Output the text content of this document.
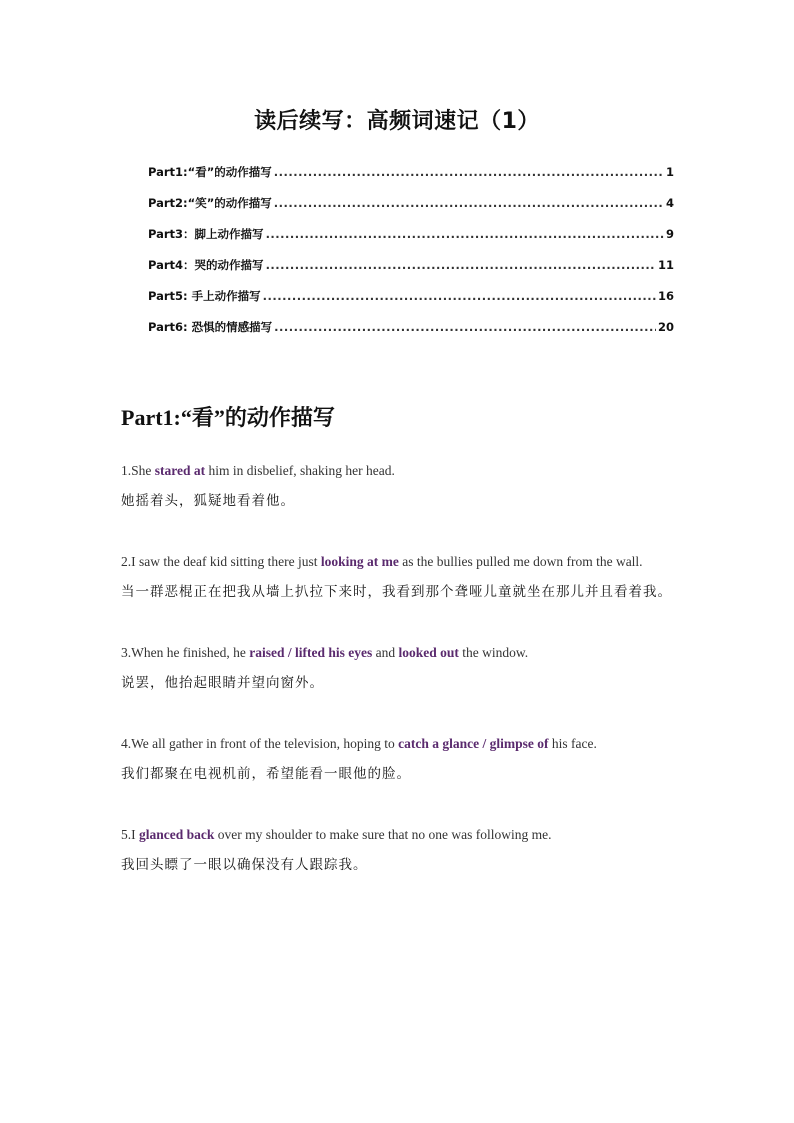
读后续写：高频词速记（1）
Part1:“看”的动作描写 .....	1
Part2:“笑”的动作描写 .....	4
Part3：脚上动作描写 .....	9
Part4：哭的动作描写 .....	11
Part5: 手上动作描写 .....	16
Part6: 恐惧的情感描写 .....	20
Part1:“看”的动作描写
1.She stared at him in disbelief, shaking her head.
她摇着头，狐疑地看着他。
2.I saw the deaf kid sitting there just looking at me as the bullies pulled me down from the wall.
当一群恶棍正在把我从墙上扒拉下来时，我看到那个聋哑儿童就坐在那儿并且看着我。
3.When he finished, he raised / lifted his eyes and looked out the window.
说罢，他抬起眼睛并望向窗外。
4.We all gather in front of the television, hoping to catch a glance / glimpse of his face.
我们都聚在电视机前，希望能看一眼他的脸。
5.I glanced back over my shoulder to make sure that no one was following me.
我回头瞟了一眼以确保没有人跟踪我。
